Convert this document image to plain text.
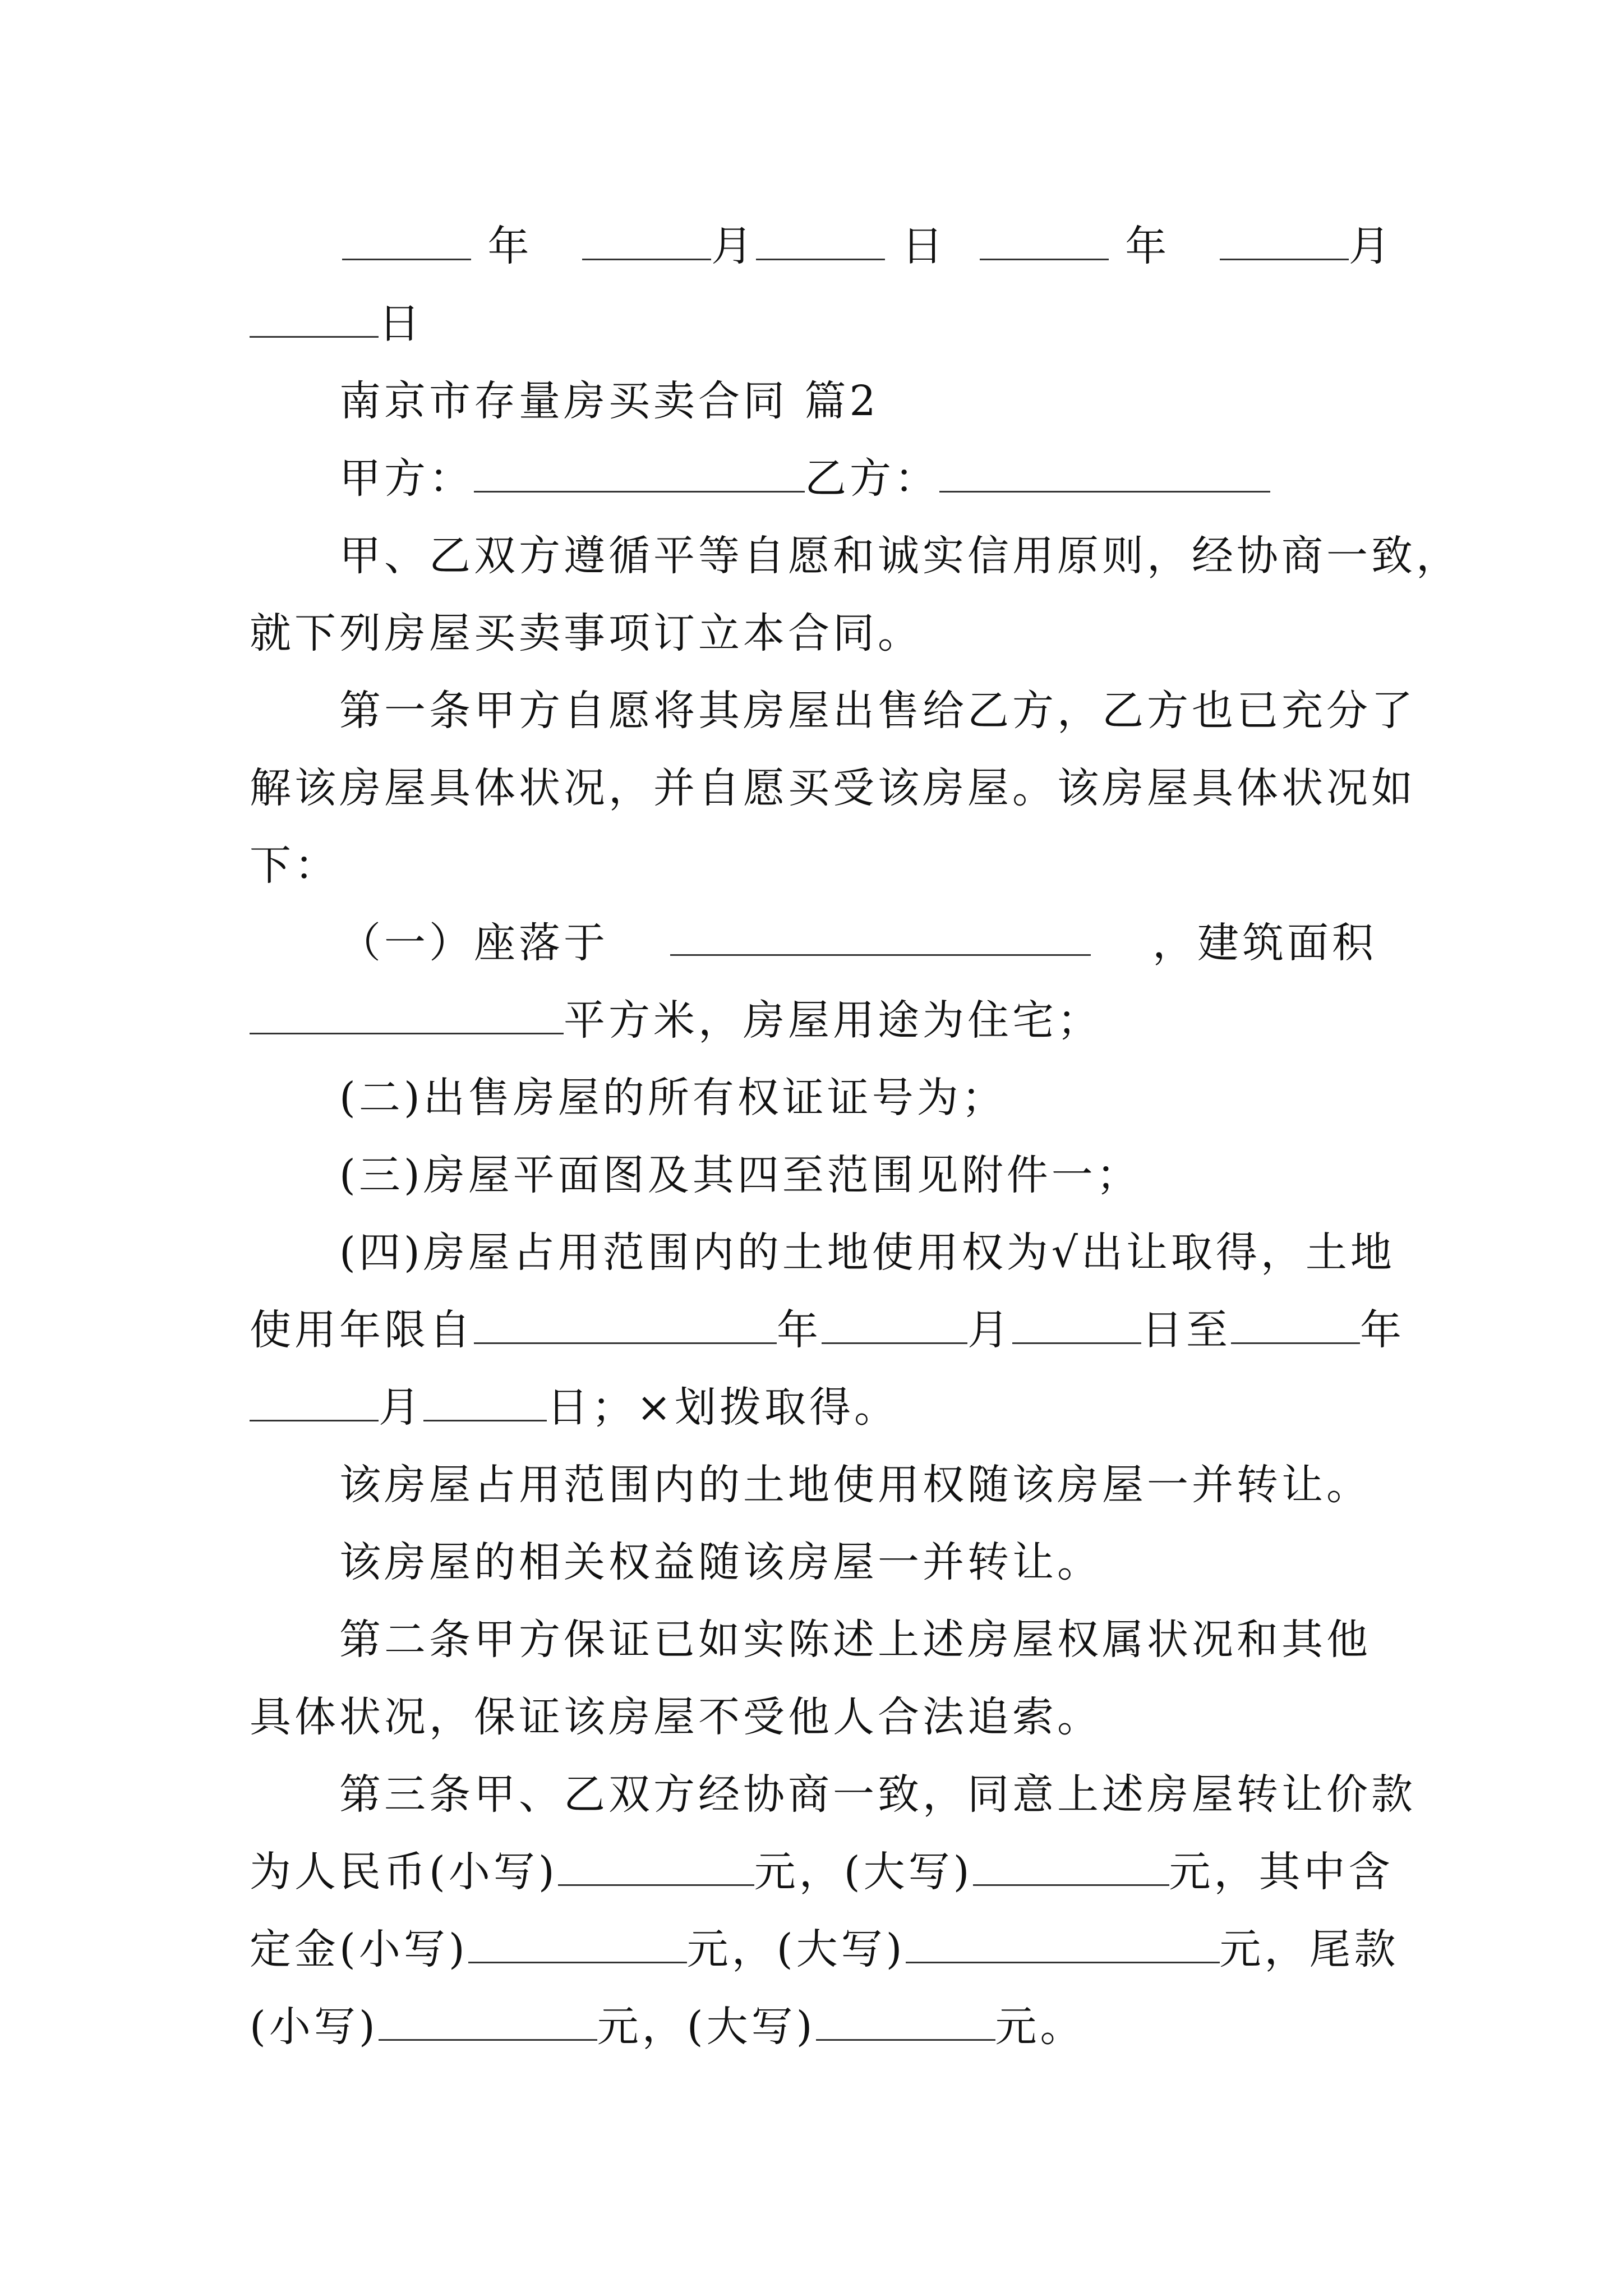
年	月	日	年	月
日
南京市存量房买卖合同 篇2
甲方：	乙方：
甲、乙双方遵循平等自愿和诚实信用原则，经协商一致，
就下列房屋买卖事项订立本合同。
第一条甲方自愿将其房屋出售给乙方，乙方也已充分了
解该房屋具体状况，并自愿买受该房屋。该房屋具体状况如
下：
（一）座落于	，建筑面积
平方米，房屋用途为住宅；
(二)出售房屋的所有权证证号为；
(三)房屋平面图及其四至范围见附件一；
(四)房屋占用范围内的土地使用权为√出让取得，土地
使用年限自	年	月	日至	年
月	日；×划拨取得。
该房屋占用范围内的土地使用权随该房屋一并转让。
该房屋的相关权益随该房屋一并转让。
第二条甲方保证已如实陈述上述房屋权属状况和其他
具体状况，保证该房屋不受他人合法追索。
第三条甲、乙双方经协商一致，同意上述房屋转让价款
为人民币(小写)	元，(大写)	元，其中含
定金(小写)	元，(大写)	元，尾款
(小写)	元，(大写)	元。
